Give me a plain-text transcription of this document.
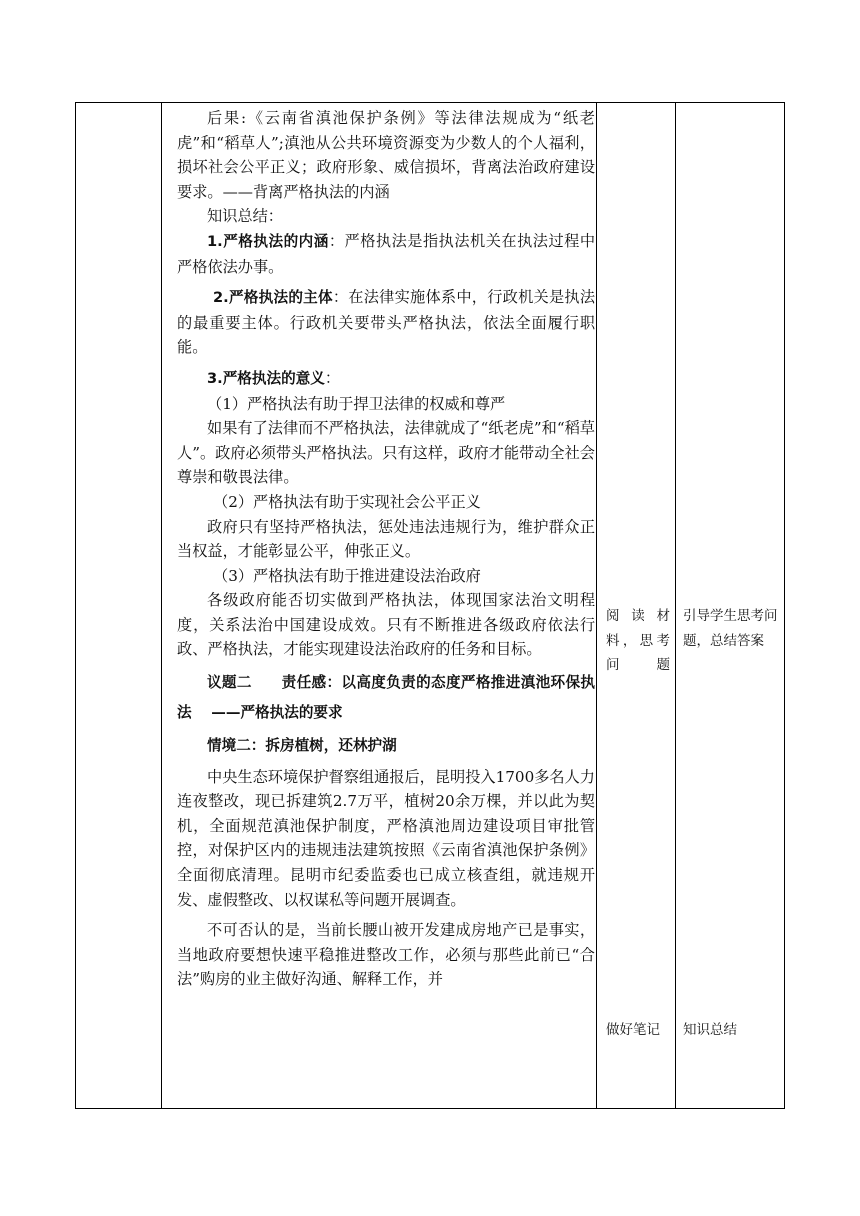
后果:《云南省滇池保护条例》等法律法规成为“纸老虎”和“稻草人”;滇池从公共环境资源变为少数人的个人福利，损坏社会公平正义；政府形象、威信损坏，背离法治政府建设要求。——背离严格执法的内涵

知识总结：

1.严格执法的内涵：严格执法是指执法机关在执法过程中严格依法办事。

2.严格执法的主体：在法律实施体系中，行政机关是执法的最重要主体。行政机关要带头严格执法，依法全面履行职能。

3.严格执法的意义：

（1）严格执法有助于捍卫法律的权威和尊严

如果有了法律而不严格执法，法律就成了“纸老虎”和“稻草人”。政府必须带头严格执法。只有这样，政府才能带动全社会尊崇和敬畏法律。

（2）严格执法有助于实现社会公平正义

政府只有坚持严格执法，惩处违法违规行为，维护群众正当权益，才能彰显公平，伸张正义。

（3）严格执法有助于推进建设法治政府

各级政府能否切实做到严格执法，体现国家法治文明程度，关系法治中国建设成效。只有不断推进各级政府依法行政、严格执法，才能实现建设法治政府的任务和目标。

议题二　　责任感：以高度负责的态度严格推进滇池环保执法　 ——严格执法的要求

情境二：拆房植树，还林护湖

中央生态环境保护督察组通报后，昆明投入1700多名人力连夜整改，现已拆建筑2.7万平，植树20余万棵，并以此为契机，全面规范滇池保护制度，严格滇池周边建设项目审批管控，对保护区内的违规违法建筑按照《云南省滇池保护条例》全面彻底清理。昆明市纪委监委也已成立核查组，就违规开发、虚假整改、以权谋私等问题开展调查。

不可否认的是，当前长腰山被开发建成房地产已是事实，当地政府要想快速平稳推进整改工作，必须与那些此前已“合法”购房的业主做好沟通、解释工作，并

阅读材料，思考问题
做好笔记
引导学生思考问题，总结答案
知识总结
